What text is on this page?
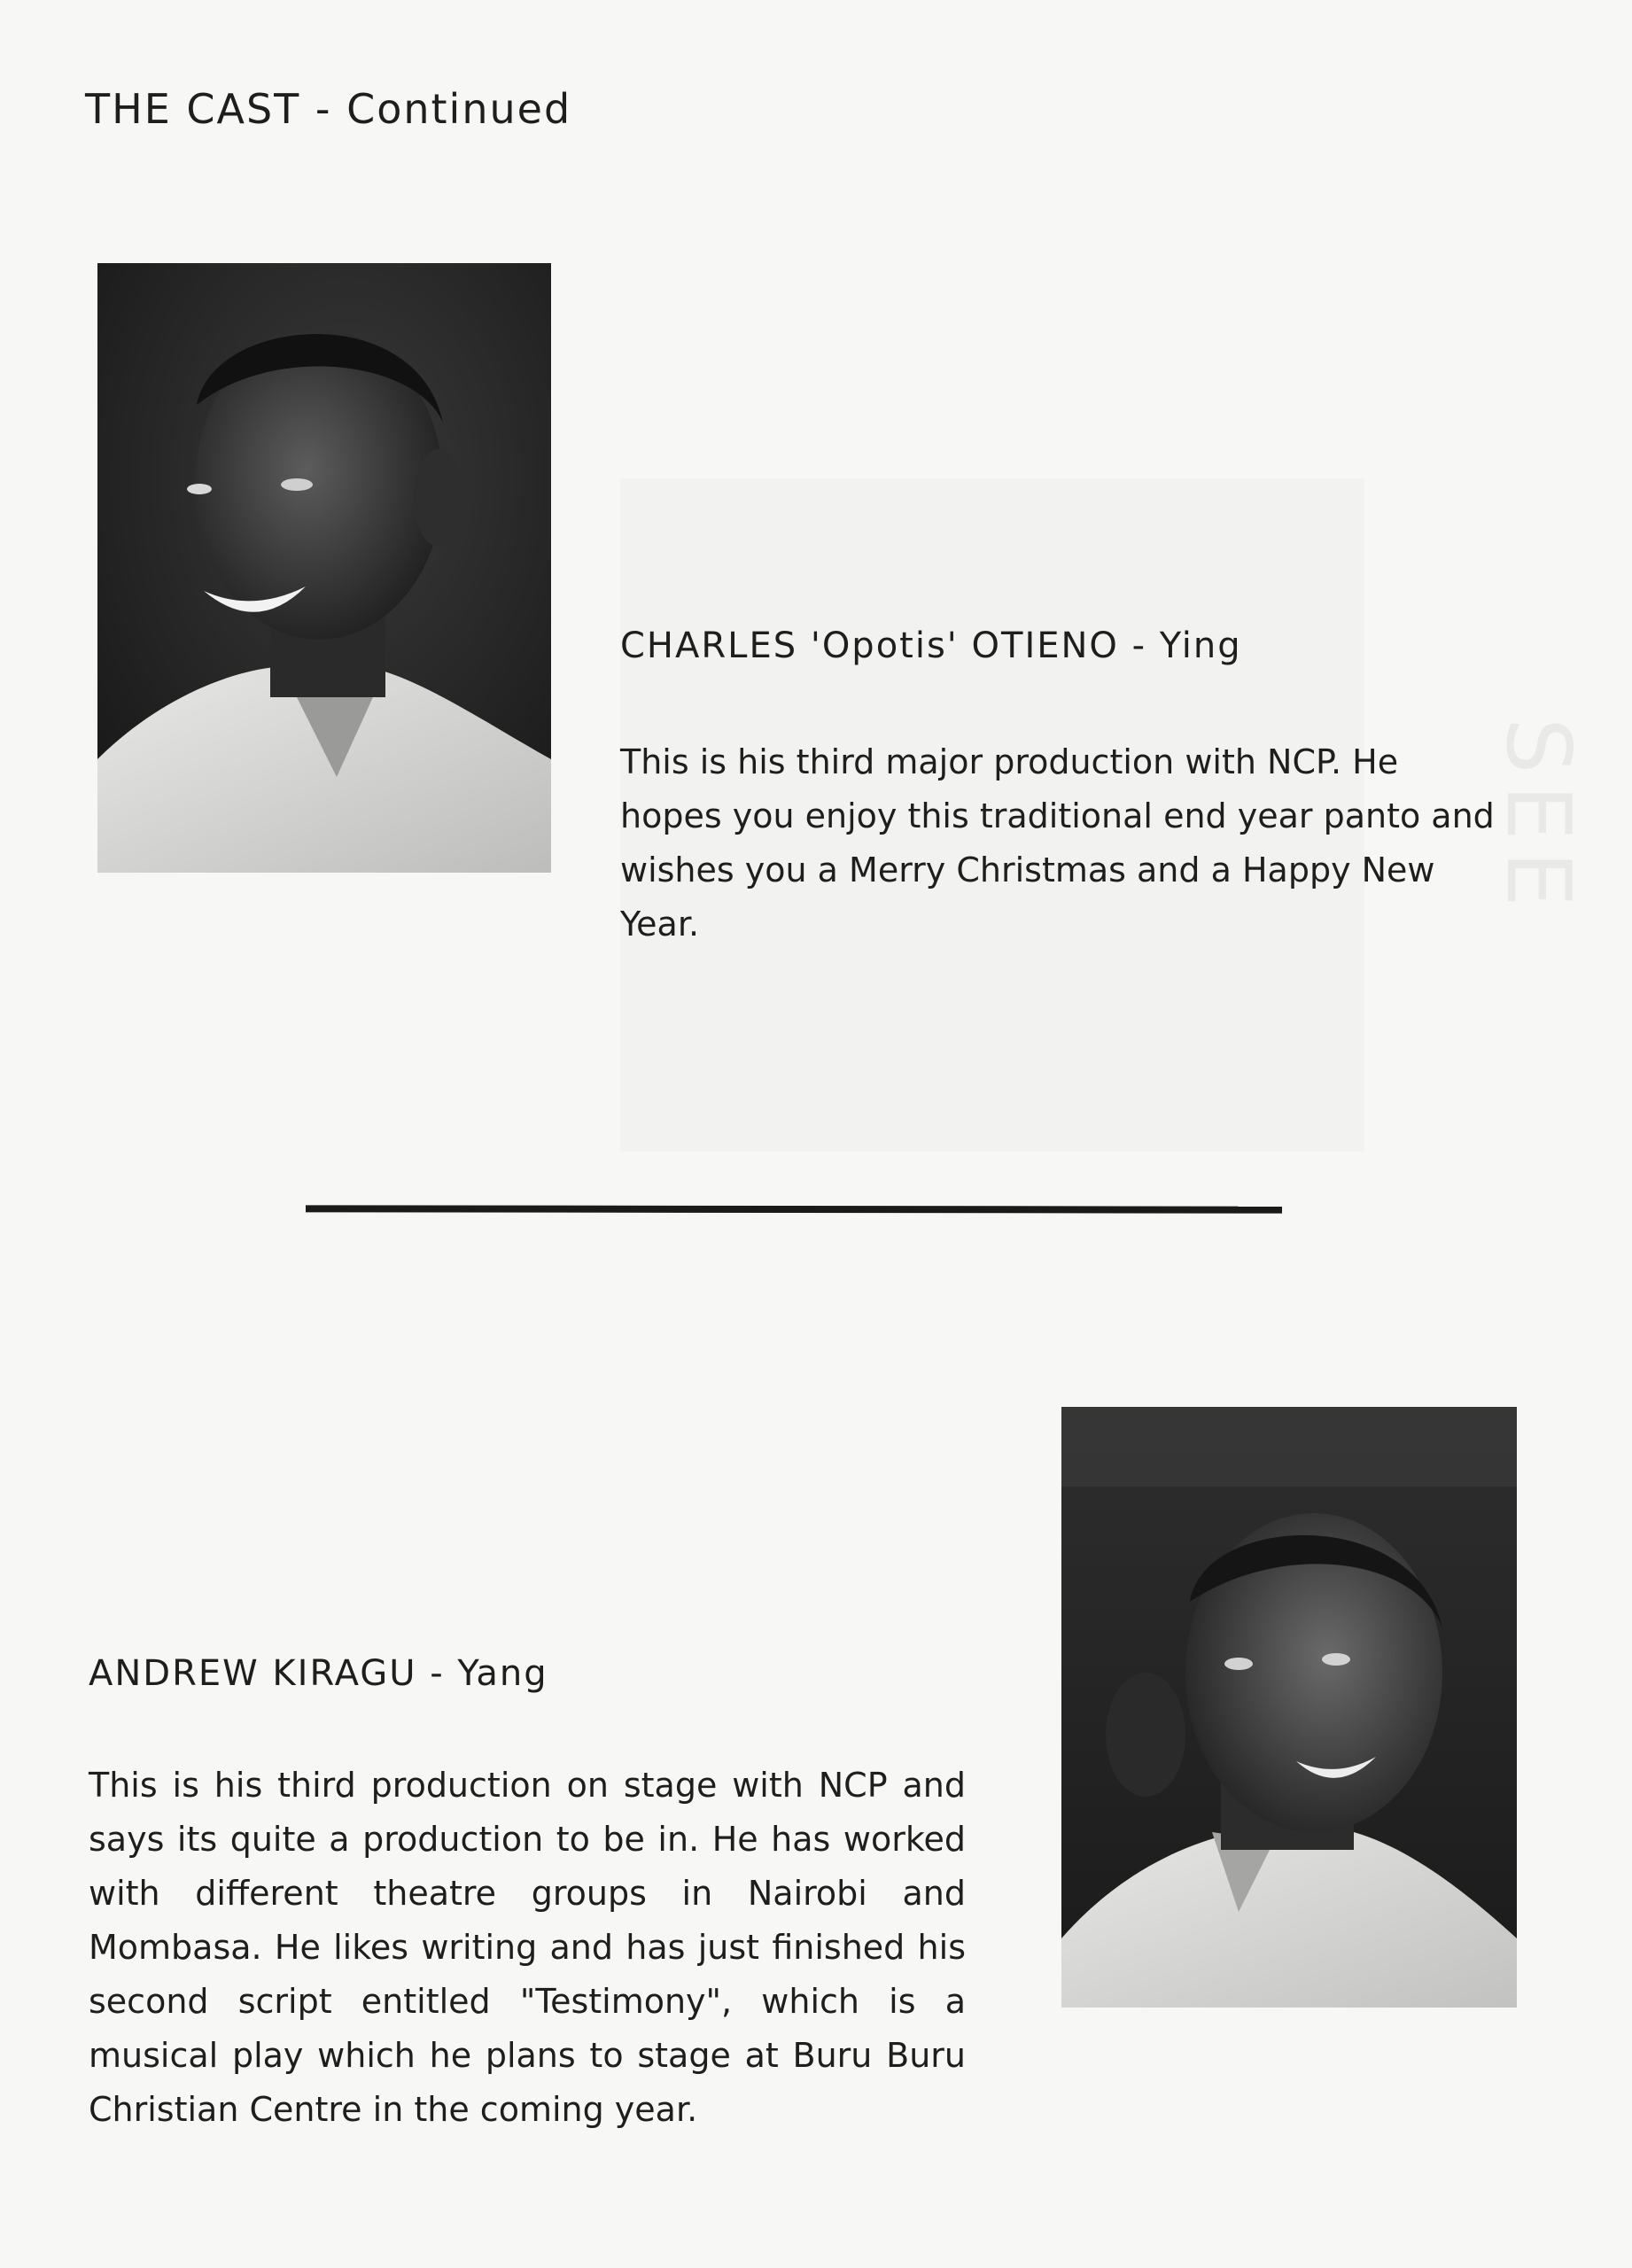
THE CAST - Continued
SEE
CHARLES 'Opotis' OTIENO - Ying

This is his third major production with NCP. He hopes you enjoy this traditional end year panto and wishes you a Merry Christmas and a Happy New Year.

ANDREW KIRAGU - Yang

This is his third production on stage with NCP and says its quite a production to be in. He has worked with different theatre groups in Nairobi and Mombasa. He likes writing and has just finished his second script entitled "Testimony", which is a musical play which he plans to stage at Buru Buru Christian Centre in the coming year.
